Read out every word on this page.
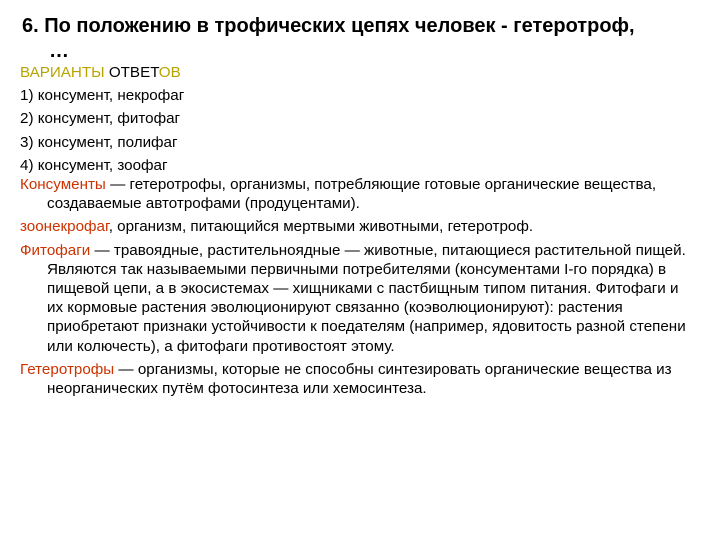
6. По положению в трофических цепях человек - гетеротроф,
…
ВАРИАНТЫ ОТВЕТОВ
1) консумент, некрофаг
2) консумент, фитофаг
3) консумент, полифаг
4) консумент, зоофаг
Консументы — гетеротрофы, организмы, потребляющие готовые органические вещества, создаваемые автотрофами (продуцентами).
зоонекрофаг, организм, питающийся мертвыми животными, гетеротроф.
Фитофаги — травоядные, растительноядные — животные, питающиеся растительной пищей. Являются так называемыми первичными потребителями (консументами I-го порядка) в пищевой цепи, а в экосистемах — хищниками с пастбищным типом питания. Фитофаги и их кормовые растения эволюционируют связанно (коэволюционируют): растения приобретают признаки устойчивости к поедателям (например, ядовитость разной степени или колючесть), а фитофаги противостоят этому.
Гетеротрофы — организмы, которые не способны синтезировать органические вещества из неорганических путём фотосинтеза или хемосинтеза.
